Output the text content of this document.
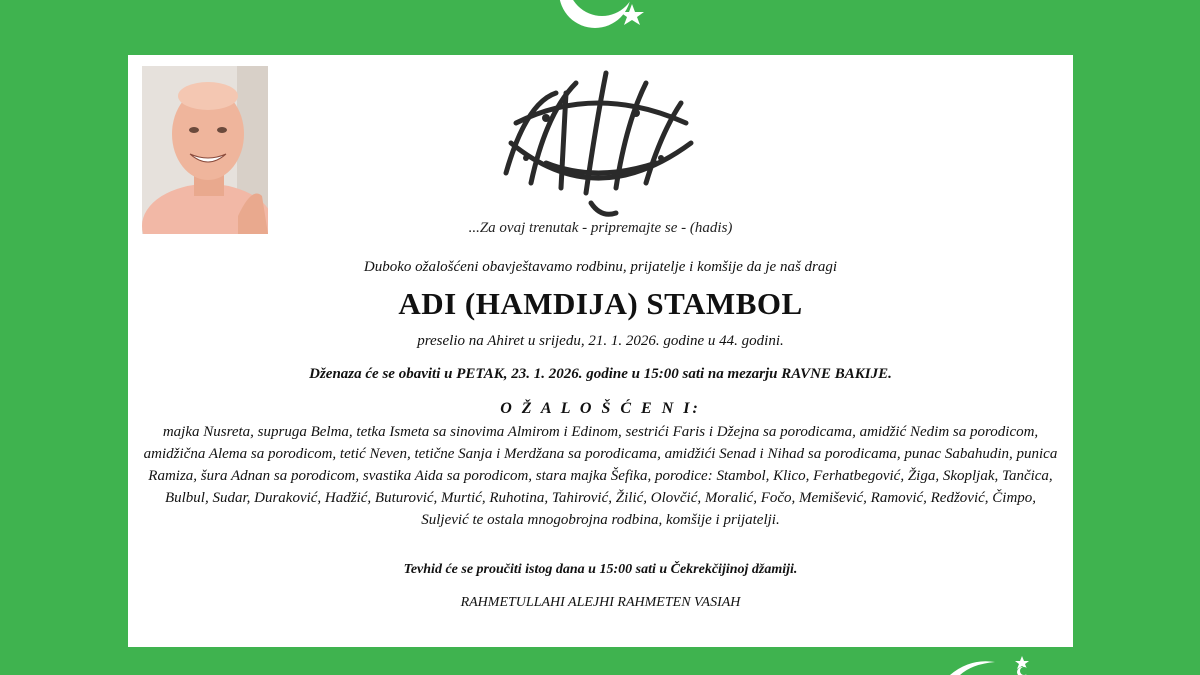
...Za ovaj trenutak - pripremajte se - (hadis)
Duboko ožalošćeni obavještavamo rodbinu, prijatelje i komšije da je naš dragi
ADI (HAMDIJA) STAMBOL
preselio na Ahiret u srijedu, 21. 1. 2026. godine u 44. godini.
Dženaza će se obaviti u PETAK, 23. 1. 2026. godine u 15:00 sati na mezarju RAVNE BAKIJE.
O Ž A L O Š Ć E N I:
majka Nusreta, supruga Belma, tetka Ismeta sa sinovima Almirom i Edinom, sestrići Faris i Džejna sa porodicama, amidžić Nedim sa porodicom, amidžična Alema sa porodicom, tetić Neven, tetične Sanja i Merdžana sa porodicama, amidžići Senad i Nihad sa porodicama, punac Sabahudin, punica Ramiza, šura Adnan sa porodicom, svastika Aida sa porodicom, stara majka Šefika, porodice: Stambol, Klico, Ferhatbegović, Žiga, Skopljak, Tančica, Bulbul, Sudar, Duraković, Hadžić, Buturović, Murtić, Ruhotina, Tahirović, Žilić, Olovčić, Moralić, Fočo, Memišević, Ramović, Redžović, Čimpo, Suljević te ostala mnogobrojna rodbina, komšije i prijatelji.
Tevhid će se proučiti istog dana u 15:00 sati u Čekrekčijinoj džamiji.
RAHMETULLAHI ALEJHI RAHMETEN VASIAH
